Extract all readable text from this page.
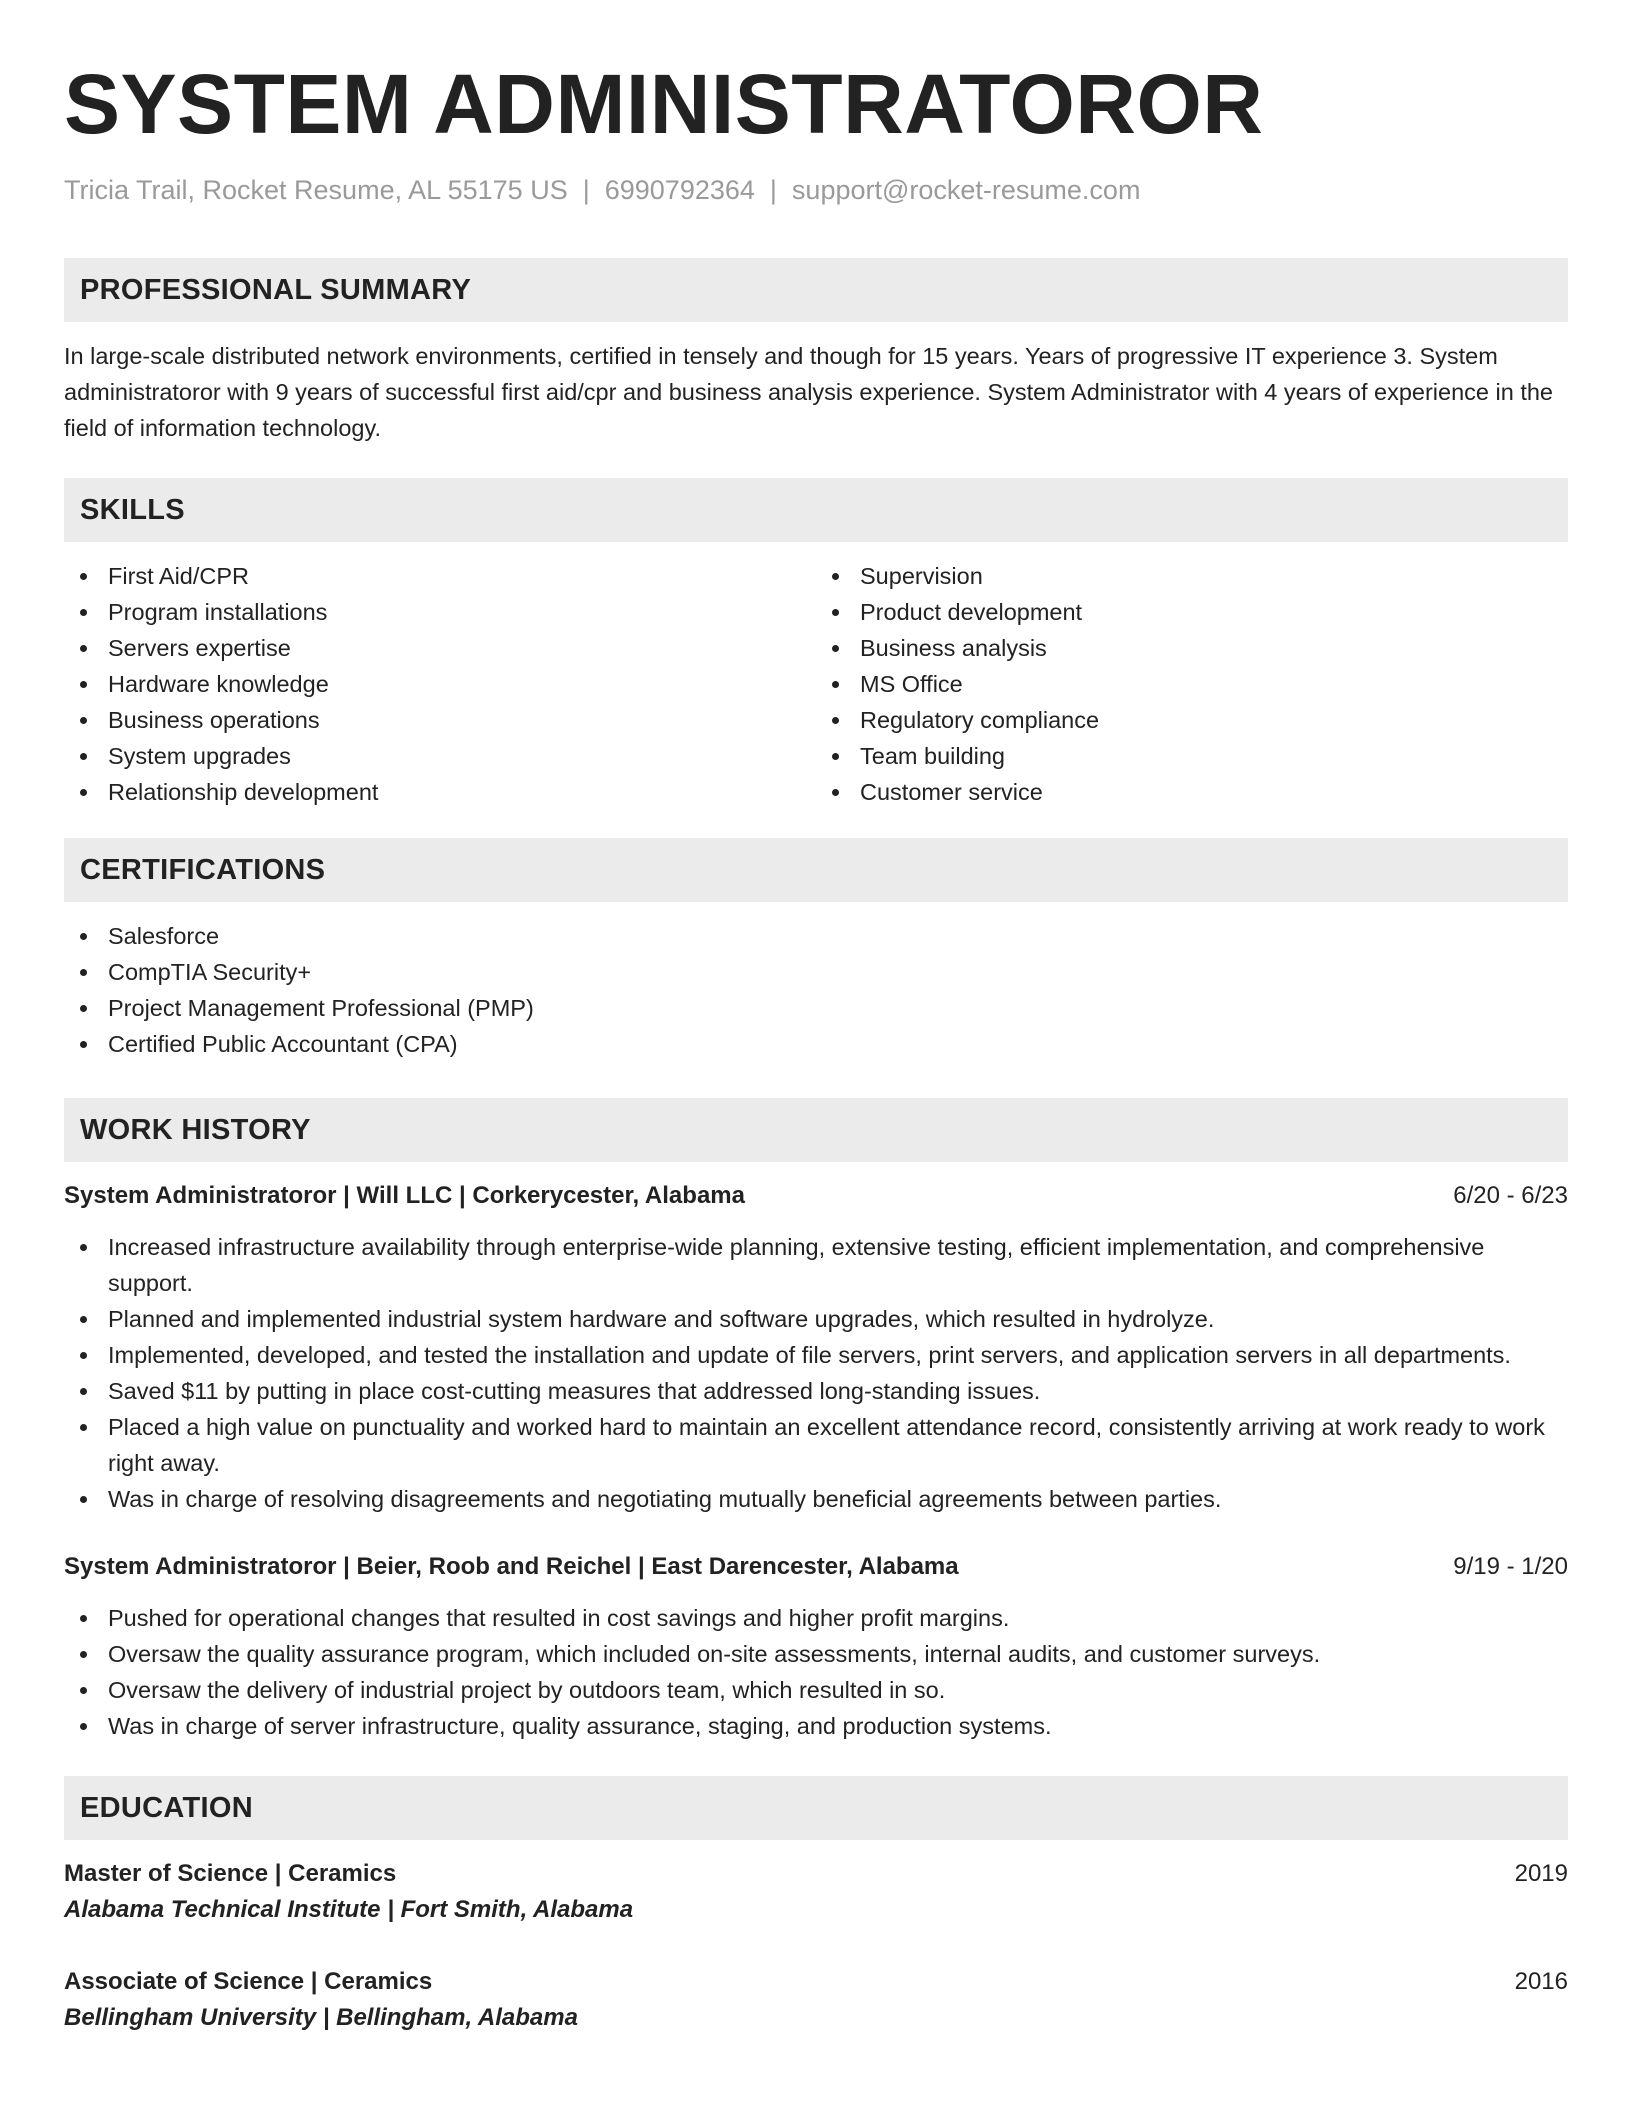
SYSTEM ADMINISTRATOROR
Tricia Trail, Rocket Resume, AL 55175 US | 6990792364 | support@rocket-resume.com
PROFESSIONAL SUMMARY

In large-scale distributed network environments, certified in tensely and though for 15 years. Years of progressive IT experience 3. System administratoror with 9 years of successful first aid/cpr and business analysis experience. System Administrator with 4 years of experience in the field of information technology.

SKILLS
First Aid/CPR
Program installations
Servers expertise
Hardware knowledge
Business operations
System upgrades
Relationship development
Supervision
Product development
Business analysis
MS Office
Regulatory compliance
Team building
Customer service
CERTIFICATIONS
Salesforce
CompTIA Security+
Project Management Professional (PMP)
Certified Public Accountant (CPA)
WORK HISTORY
System Administratoror | Will LLC | Corkerycester, Alabama	6/20 - 6/23
Increased infrastructure availability through enterprise-wide planning, extensive testing, efficient implementation, and comprehensive support.
Planned and implemented industrial system hardware and software upgrades, which resulted in hydrolyze.
Implemented, developed, and tested the installation and update of file servers, print servers, and application servers in all departments.
Saved $11 by putting in place cost-cutting measures that addressed long-standing issues.
Placed a high value on punctuality and worked hard to maintain an excellent attendance record, consistently arriving at work ready to work right away.
Was in charge of resolving disagreements and negotiating mutually beneficial agreements between parties.
System Administratoror | Beier, Roob and Reichel | East Darencester, Alabama	9/19 - 1/20
Pushed for operational changes that resulted in cost savings and higher profit margins.
Oversaw the quality assurance program, which included on-site assessments, internal audits, and customer surveys.
Oversaw the delivery of industrial project by outdoors team, which resulted in so.
Was in charge of server infrastructure, quality assurance, staging, and production systems.
EDUCATION
Master of Science | Ceramics	2019
Alabama Technical Institute | Fort Smith, Alabama
Associate of Science | Ceramics	2016
Bellingham University | Bellingham, Alabama
